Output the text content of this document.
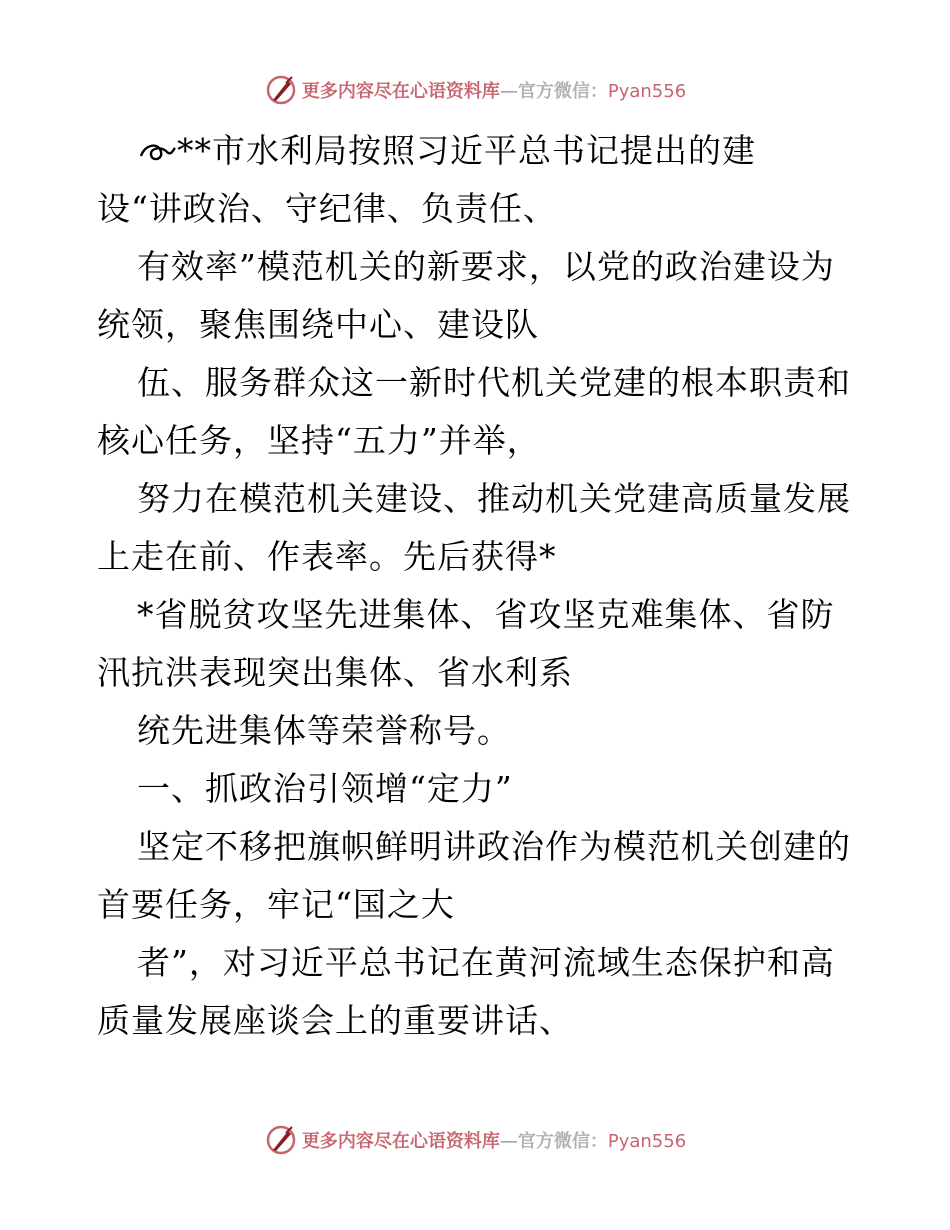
更多内容尽在心语资料库—官方微信：Pyan556
**市水利局按照习近平总书记提出的建
设“讲政治、守纪律、负责任、
有效率”模范机关的新要求，以党的政治建设为
统领，聚焦围绕中心、建设队
伍、服务群众这一新时代机关党建的根本职责和
核心任务，坚持“五力”并举，
努力在模范机关建设、推动机关党建高质量发展
上走在前、作表率。先后获得*
*省脱贫攻坚先进集体、省攻坚克难集体、省防
汛抗洪表现突出集体、省水利系
统先进集体等荣誉称号。
一、抓政治引领增“定力”
坚定不移把旗帜鲜明讲政治作为模范机关创建的
首要任务，牢记“国之大
者”，对习近平总书记在黄河流域生态保护和高
质量发展座谈会上的重要讲话、
更多内容尽在心语资料库—官方微信：Pyan556
